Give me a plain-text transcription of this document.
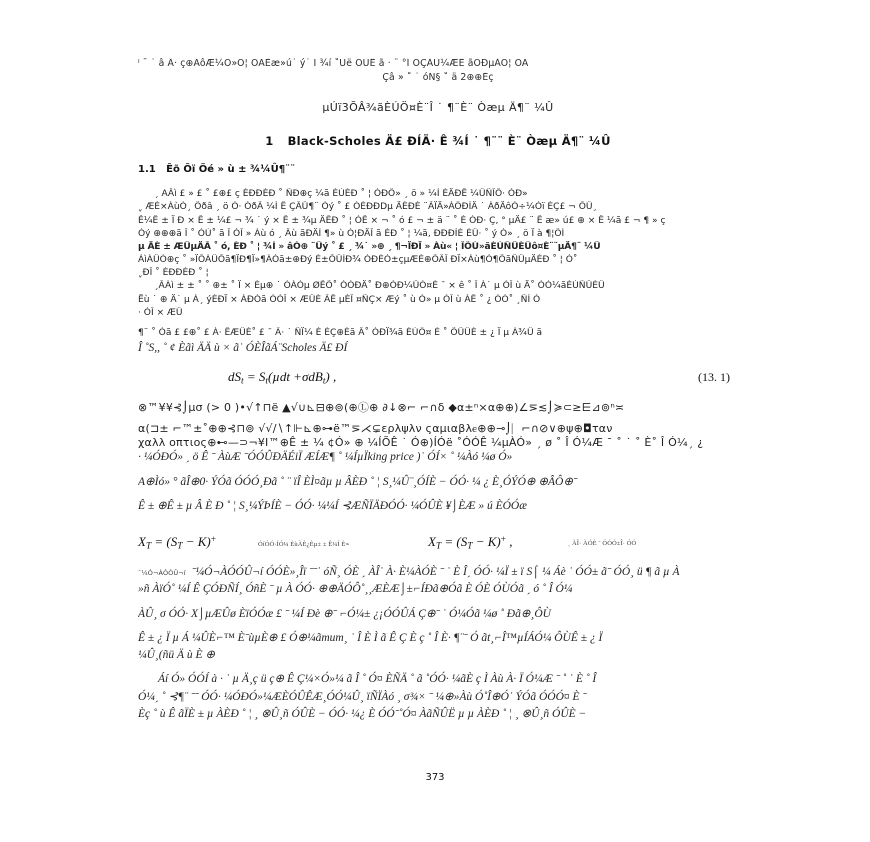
ˡ ˉ ˙ â Â· ç⊕ÃôÆ¼Õ»Ó¦ ÓÃÈæ»ú˙ ý˙ Ï ¾í ˚Ûë ÔÛÊ ã · ¨ °Í ÕÇÀÛ¼ÆÈ ãÔÐµÀÓ¦ ÓÃ
Çâ » ˚ ˙ óÑ§ ˚ ä 2⊕⊕Éç
µÚï3ÕÂ¾ãÈÚÖ¤È¨Î ˙ ¶¨È¨ Òæµ Ä¶¨ ¼Û
1 Black-Scholes Ä£ ÐÍÄ· Ê ¾Í ˙ ¶¨¨ È¨ Òæµ Ä¶¨ ¼Û
1.1 Êõ Õï Õé » ù ± ¾¼Û¶¨¨
ˏ AÂì £ » £ ˚ £⊕£ ç ÈÐÐÈÐ ˚ ÑÐ⊕ç ¼ã ÈÚÈÐ ˚ ¦ ÓÐÔ» ˏ ö » ¼Í ÈÄÐÊ ¼ÛÑÎÕ· ÓÐ»
ˬ ÆÈ×ÀùÓ¸ Õðâ ˏ ö Ó· ÓðÃ ¼Í Ê ÇÂÛ¶¨ Óý ˚ £ ÓÈÐÐDµ ÄÈÐÈ ¨ÃÏÄ»ÀÖÐÍÄ ˙ ÀðÄôÓ÷¼Óï ÈÇ£ ¬ ÕÛ¸
Ê¼Ê ± Ï Ð × Ê ± ¼£ ¬ ¾ ˙ ý × Ê ± ¾µ ÄÊÐ ˚ ¦ ÓÊ × ¬ ˚ ó £ ¬ ± ä ¨ ˚ È ÓÐ· Ç, ° µÄ£ ¨ Ê æ» ú£ ⊕ × Ê ¼ã £ ¬ ¶ » ç
Óý ⊕⊕⊕ã Î ˚ ÓÙ˚ ã Î ÓÎ » Àù ó ¸ Âù ãÐÄÍ ¶» ù Ó¦ÐÄÎ ã ÈÐ ˚ ¦ ¼ã, ÐÐÐÍÈ ÈÛ· ˚ ý Ó» ˏ ö Ï à ¶¦ÕÌ
µ ÄÈ ± ÆÛµÄÃ ˚ ó, ÈÐ ˚ ¦ ¾Í » âÓ⊕ ¨Ûý ˚ £ ˏ ¾˙ »⊕ ˏ ¶¬ÏÐÏ » Àù« ¦ ÎÕÙ»ãÈÚÑÛÈÛô¤È¨¨µÄ¶¨ ¼Û
ÁìÀÛÓ⊕ç ˚ »ÏÕÀÛÕã¶ÏÐ¶Ï»¶ÀÓã±⊕Ðý È±ÕÛÍÐ¾ ÓÐÈÓ±çµÆÈ⊕ÕÃÎ ÐÏ×Àù¶Ó¶ÕãÑÛµÄÈÐ ˚ ¦ Ó˚
ˬÐÎ ˚ ÈÐÐÈÐ ˚ ¦
ˏÂÀì ± ± ˚ ˚ ⊕± ˚ Ï × Èµ⊕ ˙ ÓÀÓµ ØÊÕ˚ ÓÓÐÄ˚ Ð⊕ÓÐ¼ÛÓ¤È ˉ × ê ˚ Î À˙ µ ÓÎ ù Ä˚ ÓÓ¼ãÈÚÑÛÈÛ
Ëù ˙ ⊕ Ä˙ µ Àˏ ýÈÐÏ × ÀÐÓã ÓÓÎ × ÆÛÈ ÃÊ µÈÎ ¤ÑÇ× Æý ˚ ù Ó» µ ÓÎ ù ÀÊ ˚ ¿ ÓÓ˚ ¸ÑÍ Ó
· ÓÎ × ÆÛ
¶¨ ˚ Óã £ £⊕˚ £ À· ÊÆÛÈ˚ £ ˉ Ã· ˙ ÑÏ¼ È ÈÇ⊕Èã Â˚ ÓÐÏ¾ã ÈÚÖ¤ È ˚ ÕÛÛÈ ± ¿ Ï µ À¾Û ã
Î ˚S,, ˚ ¢ Èãì ÄÄ ù × ã˙ ÓÈÎãÁ¨Scholes Ä£ ÐÍ
$dS_t = S_t(\mu dt +\sigma dB_t)$ ,	(13. 1)
⊗™¥¥⊰⌡µσ (> 0 )•√↑⊓ë ▲√∪⊾⊟⊕⊚(⊕Ⓛ⊕ ∂↓⊗⌐ ⌐∩δ ◆α±ⁿ×α⊕⊕)∠⋝≲⌡≽⊂≥⋿⊿⊚ⁿ≍
α(⊐± ⌐™±˚⊕⊕⊰⊓⊚ √√∕∖↑⊩⊾⊕⊶ë™⋝⋌⊊ερλψλν ςαμιαβλⲉ⊕⊕⊸⌡⎸⌐∩⊘∨⊕ψ⊕◘ταν
χαλλ οπτιος⊕⊷—⊃¬¥Ⅰ™⊕Ê ± ¼ ¢Ó» ⊕ ¼ÍÕÊ ˙ Ó⊕)ÍÓë ˚ÓÓÊ ¼µÀÓ» ˏ ø ˚ Î Ó¼Æ ˉ ˚ ˙ ˚ È˚ Î Ó¼ˏ ¿
· ¼ÓÐÓ» ˏ ö Ê ˉ ÀùÆ ˉÓÓÛÐÄÉiÏ ÆÍÆ¶ ˚ ¼ÍµÏking price )˙ ÓÍ× ˚ ¼Àó ¼ø Ó»
A⊕Ìó» ° ãÎ⊕0· ÝÓã ÓÓÓ¸Ðã ˚ ¨ ïÎ ÈÌ¤ãµ µ ÂÈÐ ˚ ¦ S¸¼Û¨¸ÓÍÈ − ÓÓ· ¼ ¿ È¸ÓÝÓ⊕ ⊕ÂÔ⊕ˉ
Ê ± ⊕Ê ± µ Â È Ð ˚ ¦ S¸¼ÝÞÍÈ − ÓÓ· ¼¼Í ⊰ÆÑÏÄÐÓÓ· ¼ÓÛÈ ¥⌡ÈÆ » ú ÈÓÓæ
$X_T = (S_T - K)^+$	ÓíÓÓ·ÍÓ¼ ÈùÀÈ¿Èµ± ± Ê¼Í È⌁	$X_T = (S_T - K)^+$ ,	ˏ ÀÎ· ÀÓÈ ˉ ÓÓÓ±Î· ÓÓ
ˉ¼Ó¬ÀÓÓÛ¬í ˉ¼Ó¬ÀÓÓÛ¬í ÓÓÈ»¸Îï ˉˉ˙ óÑ¸ ÓÈ ˏ ÀÎ˙ À· È¼ÀÓÈ ˉ ˙ È Îˏ ÓÓ· ¼Ï ± ï S⌠ ¼ Áè ˙ ÓÓ± ãˉ ÓÓ¸ ü ¶ ã µ À
»ñ ÀïÓ˚ ¼Í Ê ÇÓÐÑÍ¸ ÓñÈ ˉ µ À ÓÓ· ⊕⊕ÄÓÔ˚¸¸ÆÈÆ⌡±⌐ÍÐã⊕Óã È ÓÈ ÓÙÓã ˏ ó ˚ Î Ó¼
ÀÛ¸ σ ÓÓ· X⌡µÆÛø ÈïÓÓæ £ ˉ ¼Í Ðè ⊕ˉ ⌐Ó¼± ¿¡ÓÓÛÁ Ç⊕ˉ ˙ Ó¼Óã ¼ø ˚ Ðã⊕¸ÔÙ
Ê ± ¿ Ï µ Á ¼ÛÈ⌐™ ÈˉùµÈ⊕ £ Ó⊕¼ãmum¸ ˙ Î È Ì ã Ê Ç È ç ˚ Î È· ¶¨ˉ Ó ãt¸⌐Î™µÍÁÓ¼ ÔÙÊ ± ¿ Ï
¼Û¸(ñü Ä ù È ⊕
Áí Ó» ÓÓÍ à · ˙ µ Ä¸ç ü ç⊕ Ê Ç¼×Ó»¼ ã Î ˚ Ó¤ ÈÑÄ ˚ ã ˚ÓÓ· ¼ãÈ ç Ì Àù À· Ï Ó¼Æ ˉ ˚ ˙ È ˚ Î
Ó¼ˏ ˚ ⊰¶¨ ˉˉ ÓÓ· ¼ÓÐÓ»¼ÆÈÓÛÊÆ¸ÓÓ¼Û¸ ïÑÏÀó ¸ σ¾× ˉ ¼⊕»Àù Ó˚Î⊕Ó˙ ÝÓã ÓÓÓ¤ È ˉ
Èç ˚ ù Ê ãÏÈ ± µ ÀÈÐ ˚ ¦ ¸ ⊗Û¸ñ ÓÛÈ − ÓÓ· ¼¿ È ÓÓˉ˚Ó¤ ÀãÑÛË µ µ ÀÈÐ ˚ ¦ ¸ ⊗Û¸ñ ÓÛÈ −
373
